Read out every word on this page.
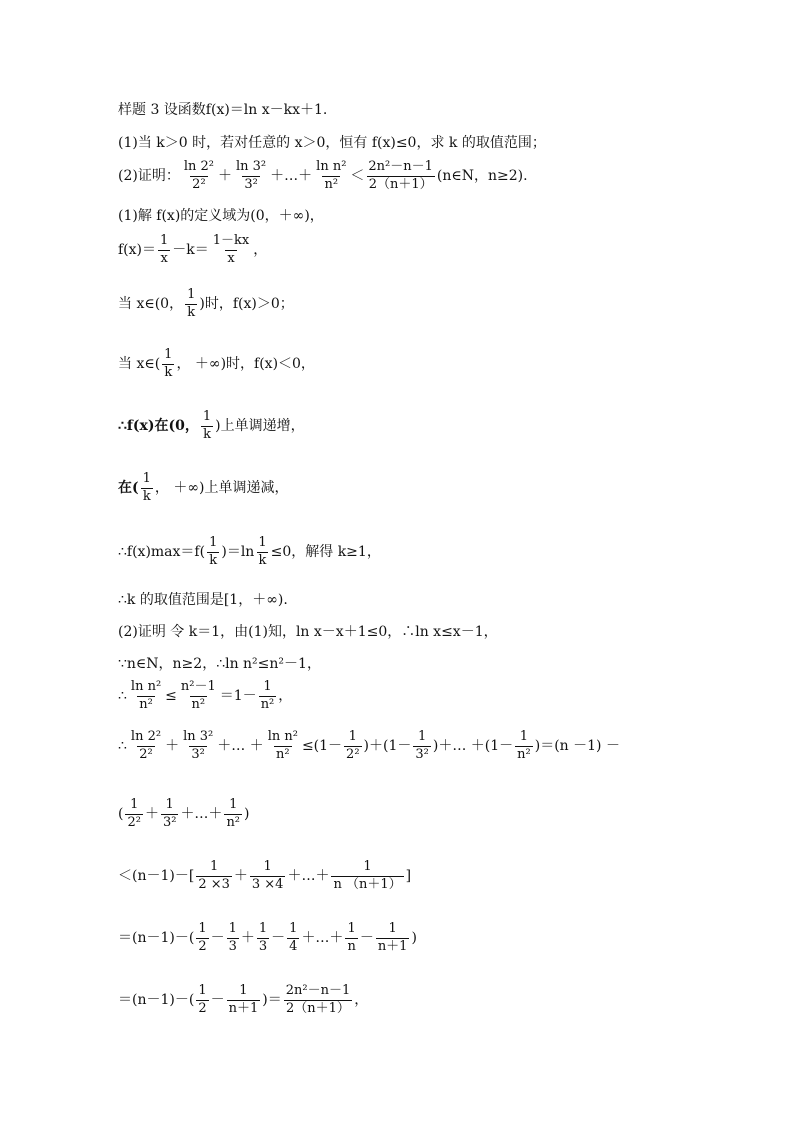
样题 3 设函数f(x)＝ln x－kx＋1.
(1)当 k＞0 时，若对任意的 x＞0，恒有 f(x)≤0，求 k 的取值范围；
(2)证明： $\frac{\text{ln 2²}}{\text{2²}} + \frac{\text{ln 3²}}{\text{3²}}$ ＋…＋ $\frac{\text{ln n²}}{\text{n²}} < \frac{\text{2n²－n－1}}{2(n+1)}$ (n∈N，n≥2).
(1)解 f(x)的定义域为(0，＋∞)，
$f(x)= \frac{1}{x} -k= \frac{1-kx}{x}$ ，
当 x∈(0， $\frac{1}{k}$ )时，f(x)＞0；
当 x∈( $\frac{1}{k}$ ， ＋∞)时，f(x)＜0，
∴f(x)在(0， $\frac{1}{k}$ )上单调递增，
在( $\frac{1}{k}$ ， ＋∞)上单调递减，
∴f(x)max＝f( $\frac{1}{k} )=\ln \frac{1}{k} \le 0$，解得 k≥1，
∴k 的取值范围是[1，＋∞).
(2)证明 令 k＝1，由(1)知，ln x－x＋1≤0，∴ln x≤x－1，
∵n∈N，n≥2，∴ln n²≤n²－1，
∴ $\frac{\text{ln n²}}{\text{n²}} \le \frac{\text{n²－1}}{\text{n²}} =1- \frac{1}{\text{n²}}$ ，
∴ $\frac{\text{ln 2²}}{\text{2²}} + \frac{\text{ln 3²}}{\text{3²}}$ ＋… ＋ $\frac{\text{ln n²}}{\text{n²}} \le(1- \frac{1}{\text{2²}} )+(1- \frac{1}{\text{3²}}$ )＋… $+(1- \frac{1}{\text{n²}} )=(n -1)$ －
( $\frac{1}{\text{2²}} + \frac{1}{\text{3²}}$ ＋…＋ $\frac{1}{\text{n²}}$ )
$<(n-1)-[ \frac{1}{2 \times 3} + \frac{1}{3 \times 4}$ ＋…＋ $\frac{1}{n (n+1)}$ ]
$=(n-1)-( \frac{1}{2} - \frac{1}{3} + \frac{1}{3} - \frac{1}{4}$ ＋…＋ $\frac{1}{n} - \frac{1}{n+1}$ )
$=(n-1)-( \frac{1}{2} - \frac{1}{n+1}$ )＝ $\frac{\text{2n²－n－1}}{2(n+1)}$ ，
